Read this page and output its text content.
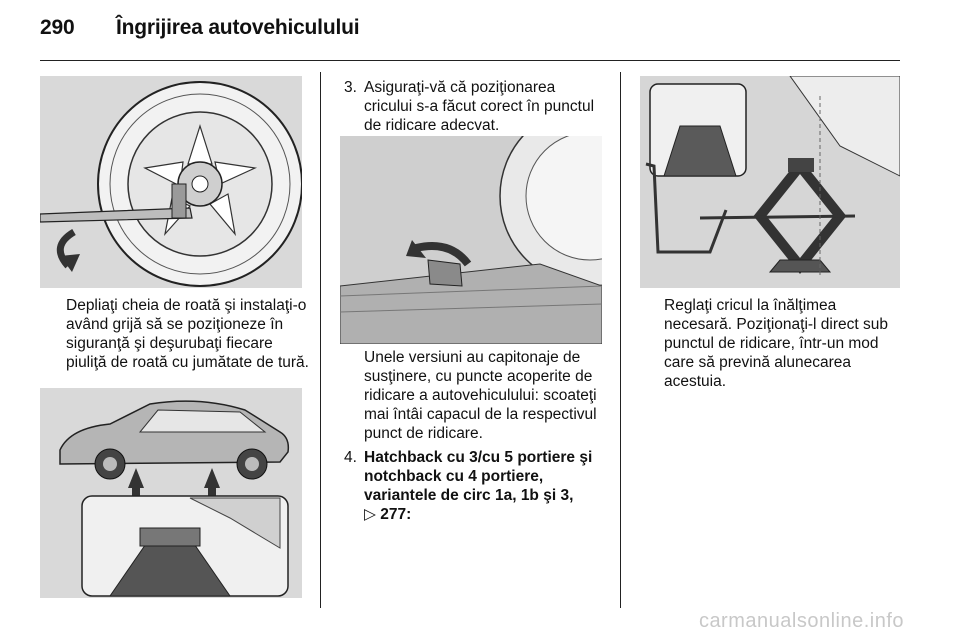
290 Îngrijirea autovehiculului

Depliaţi cheia de roată şi instalaţi-o având grijă să se poziţioneze în siguranţă şi deşurubaţi fiecare piuliţă de roată cu jumătate de tură.

3. Asiguraţi-vă că poziţionarea cricului s-a făcut corect în punctul de ridicare adecvat.

Unele versiuni au capitonaje de susţinere, cu puncte acoperite de ridicare a autovehiculului: scoateţi mai întâi capacul de la respectivul punct de ridicare.

4. Hatchback cu 3/cu 5 portiere şi notchback cu 4 portiere, variantele de circ 1a, 1b şi 3,
▷ 277:

Reglaţi cricul la înălţimea necesară. Poziţionaţi-l direct sub punctul de ridicare, într-un mod care să prevină alunecarea acestuia.

carmanualsonline.info
